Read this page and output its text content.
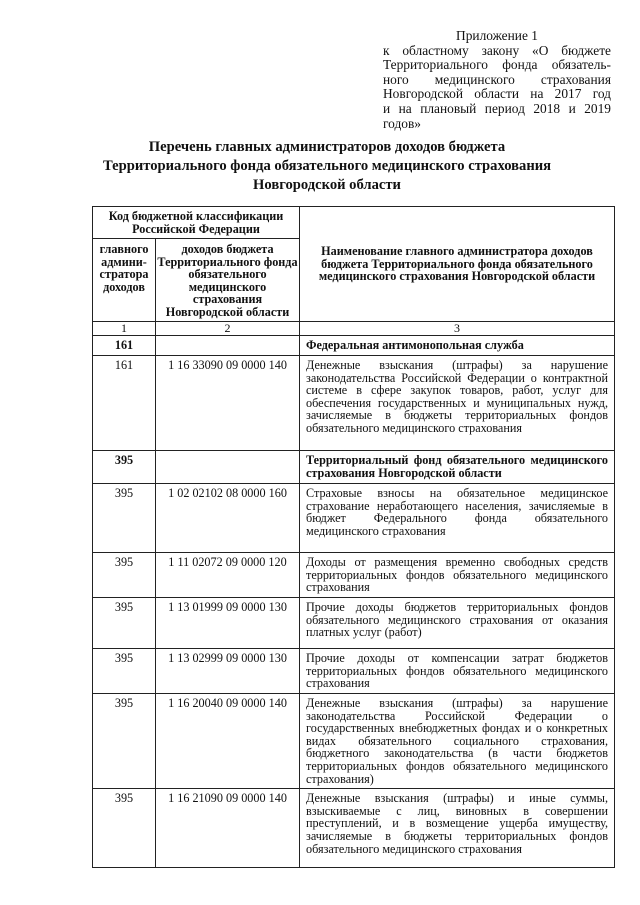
Приложение 1
к областному закону «О бюджете
Территориального фонда обязатель-
ного медицинского страхования
Новгородской области на 2017 год
и на плановый период 2018 и 2019
годов»
Перечень главных администраторов доходов бюджета
Территориального фонда обязательного медицинского страхования
Новгородской области
Код бюджетной классификации Российской Федерации		Наименование главного администратора доходов бюджета Территориального фонда обязательного медицинского страхования Новгородской области
главного админи-стратора доходов	доходов бюджета Территориального фонда обязательного медицинского страхования Новгородской области	
1	2	3
161		Федеральная антимонопольная служба
161	1 16 33090 09 0000 140	Денежные взыскания (штрафы) за нарушение законодательства Российской Федерации о контрактной системе в сфере закупок товаров, работ, услуг для обеспечения государственных и муниципальных нужд, зачисляемые в бюджеты территориальных фондов обязательного медицинского страхования
395		Территориальный фонд обязательного медицинского страхования Новгородской области
395	1 02 02102 08 0000 160	Страховые взносы на обязательное медицинское страхование неработающего населения, зачисляемые в бюджет Федерального фонда обязательного медицинского страхования
395	1 11 02072 09 0000 120	Доходы от размещения временно свободных средств территориальных фондов обязательного медицинского страхования
395	1 13 01999 09 0000 130	Прочие доходы бюджетов территориальных фондов обязательного медицинского страхования от оказания платных услуг (работ)
395	1 13 02999 09 0000 130	Прочие доходы от компенсации затрат бюджетов территориальных фондов обязательного медицинского страхования
395	1 16 20040 09 0000 140	Денежные взыскания (штрафы) за нарушение законодательства Российской Федерации о государственных внебюджетных фондах и о конкретных видах обязательного социального страхования, бюджетного законодательства (в части бюджетов территориальных фондов обязательного медицинского страхования)
395	1 16 21090 09 0000 140	Денежные взыскания (штрафы) и иные суммы, взыскиваемые с лиц, виновных в совершении преступлений, и в возмещение ущерба имуществу, зачисляемые в бюджеты территориальных фондов обязательного медицинского страхования
